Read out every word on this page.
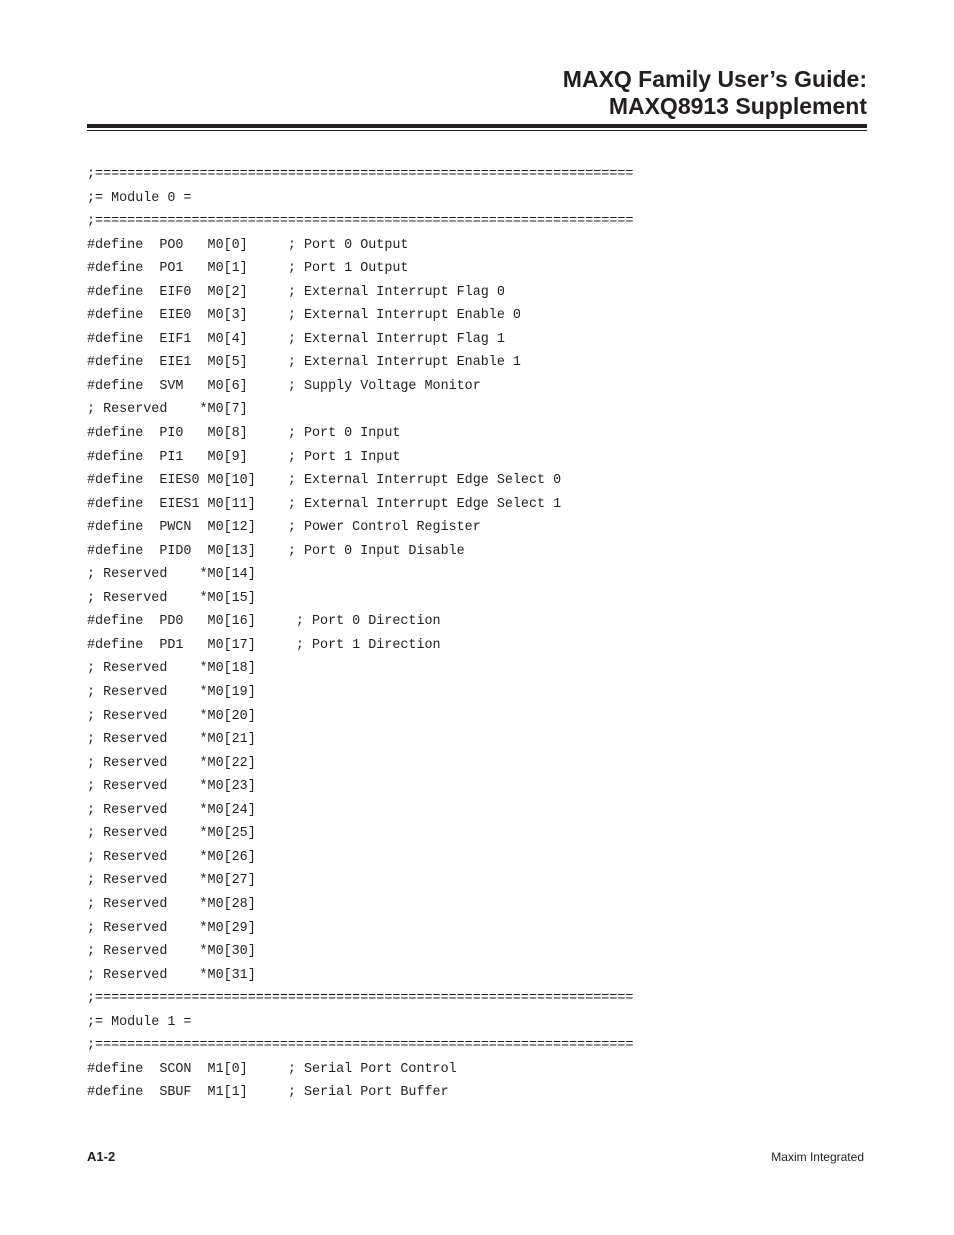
MAXQ Family User’s Guide:
MAXQ8913 Supplement
;===================================================================
;= Module 0 =
;===================================================================
#define  PO0   M0[0]     ; Port 0 Output
#define  PO1   M0[1]     ; Port 1 Output
#define  EIF0  M0[2]     ; External Interrupt Flag 0
#define  EIE0  M0[3]     ; External Interrupt Enable 0
#define  EIF1  M0[4]     ; External Interrupt Flag 1
#define  EIE1  M0[5]     ; External Interrupt Enable 1
#define  SVM   M0[6]     ; Supply Voltage Monitor
; Reserved    *M0[7]
#define  PI0   M0[8]     ; Port 0 Input
#define  PI1   M0[9]     ; Port 1 Input
#define  EIES0 M0[10]    ; External Interrupt Edge Select 0
#define  EIES1 M0[11]    ; External Interrupt Edge Select 1
#define  PWCN  M0[12]    ; Power Control Register
#define  PID0  M0[13]    ; Port 0 Input Disable
; Reserved    *M0[14]
; Reserved    *M0[15]
#define  PD0   M0[16]     ; Port 0 Direction
#define  PD1   M0[17]     ; Port 1 Direction
; Reserved    *M0[18]
; Reserved    *M0[19]
; Reserved    *M0[20]
; Reserved    *M0[21]
; Reserved    *M0[22]
; Reserved    *M0[23]
; Reserved    *M0[24]
; Reserved    *M0[25]
; Reserved    *M0[26]
; Reserved    *M0[27]
; Reserved    *M0[28]
; Reserved    *M0[29]
; Reserved    *M0[30]
; Reserved    *M0[31]
;===================================================================
;= Module 1 =
;===================================================================
#define  SCON  M1[0]     ; Serial Port Control
#define  SBUF  M1[1]     ; Serial Port Buffer
A1-2	Maxim Integrated
